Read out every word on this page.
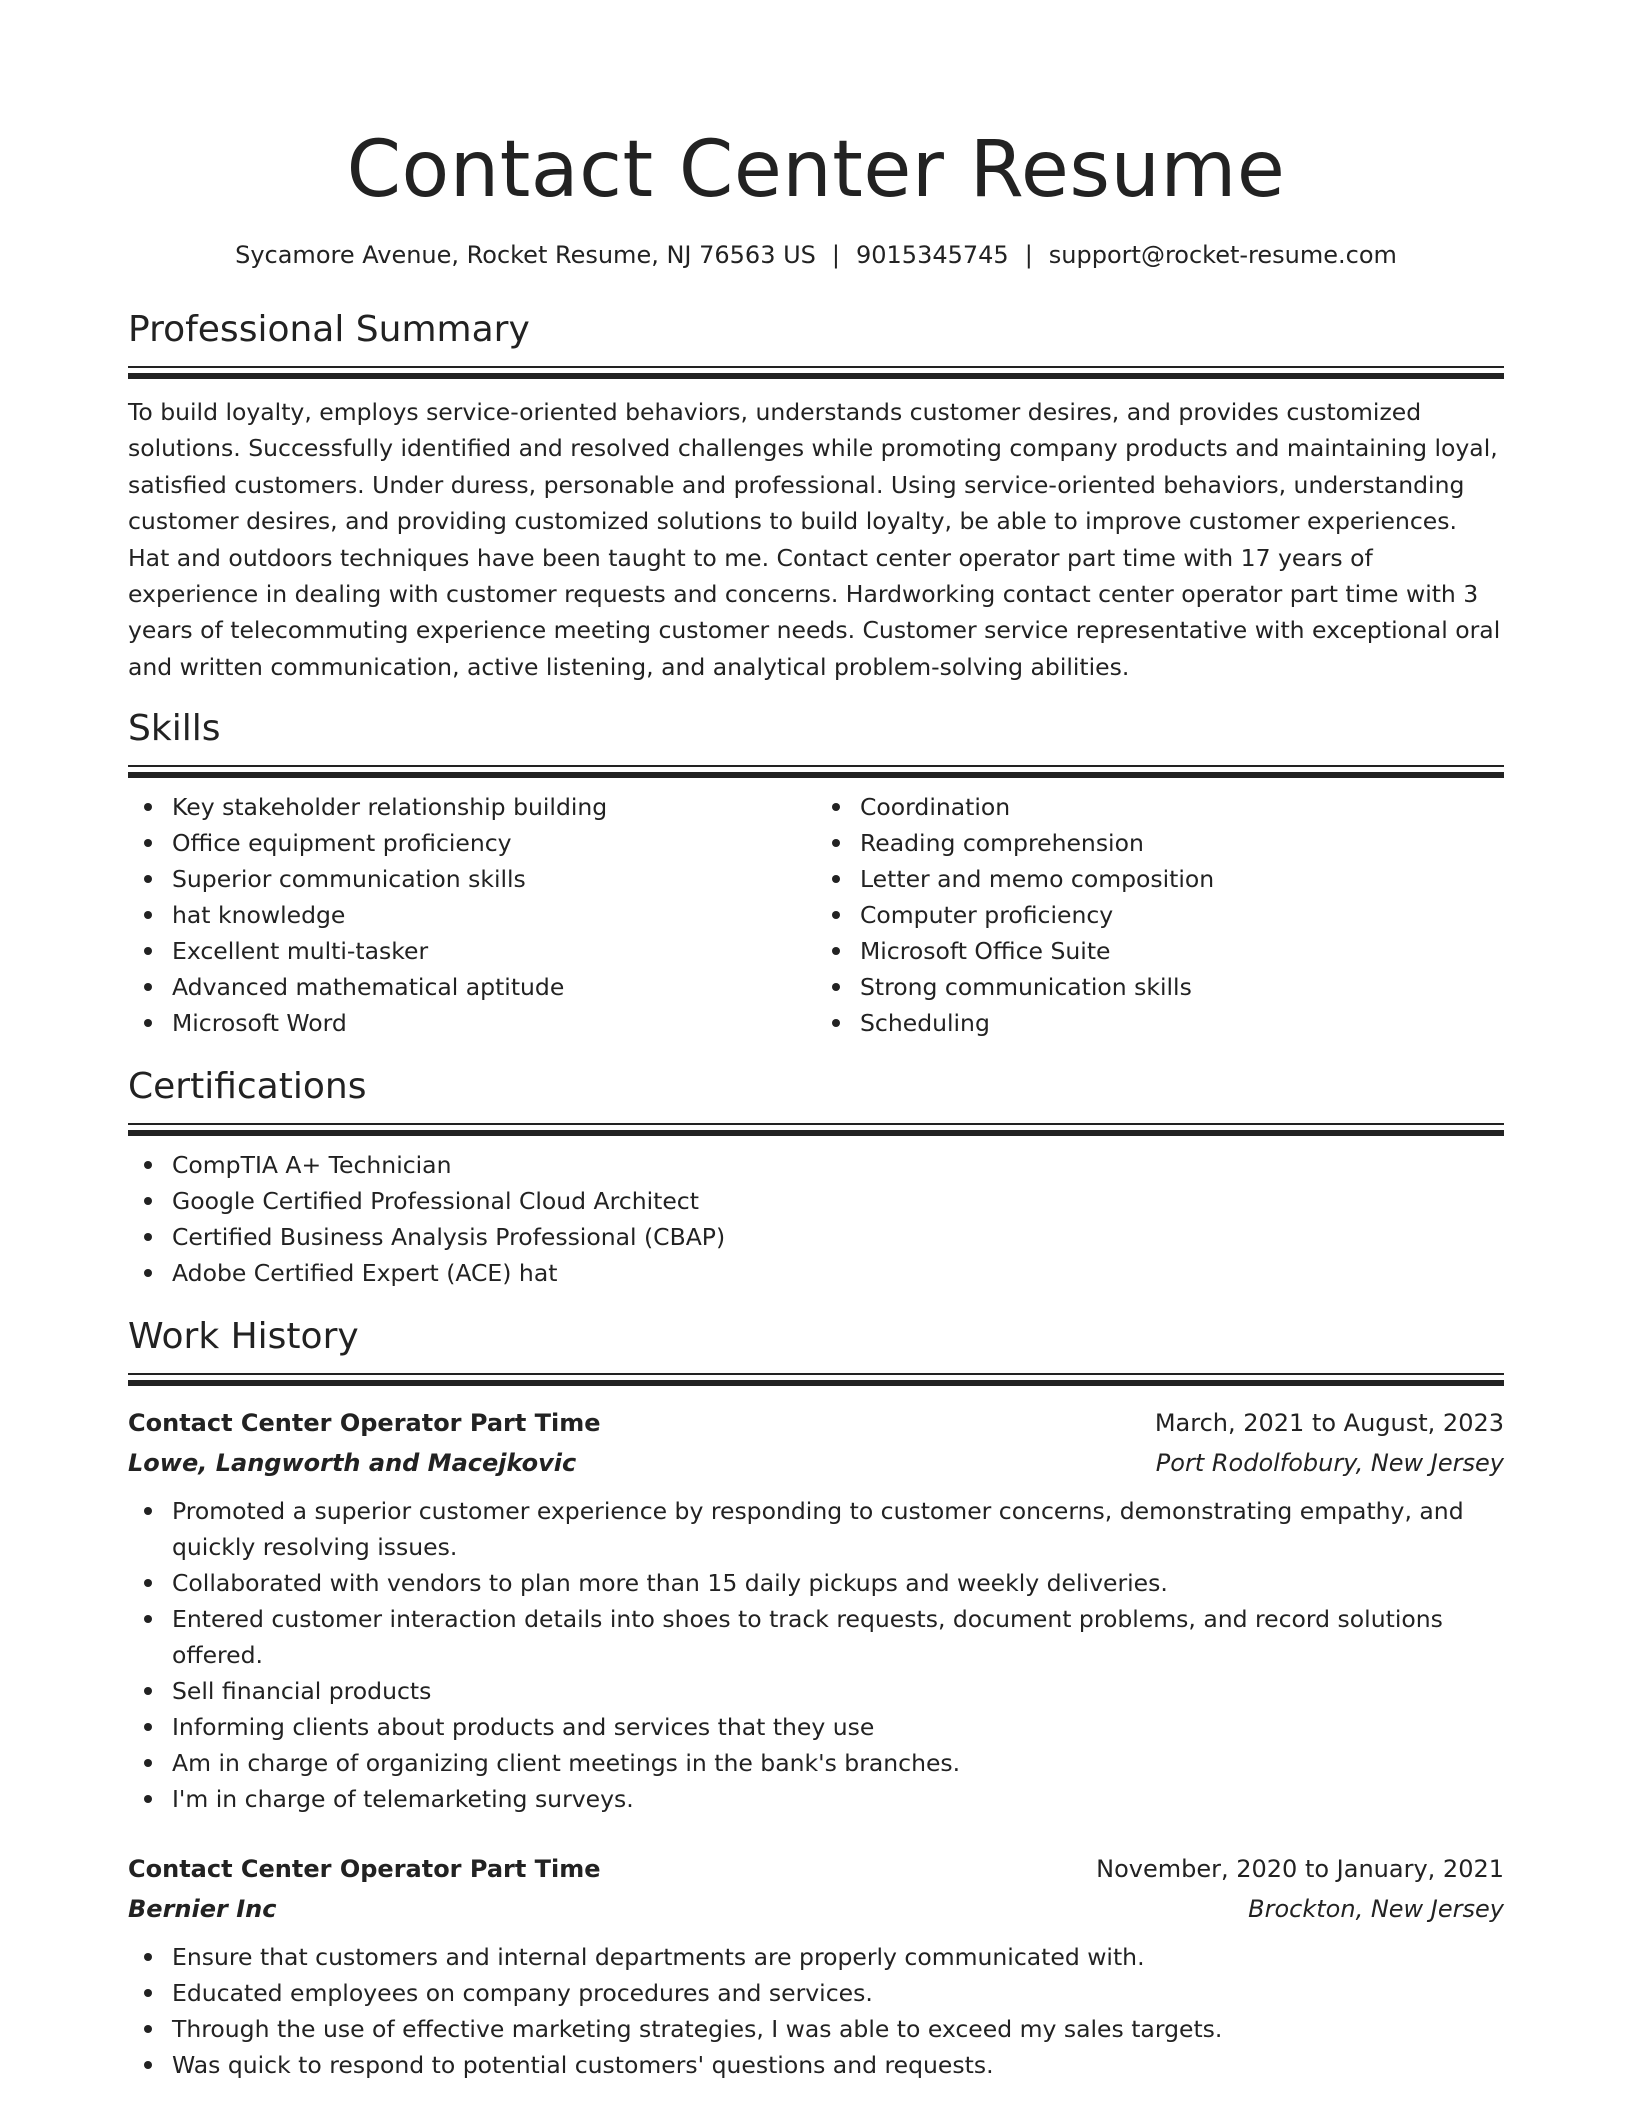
Contact Center Resume
Sycamore Avenue, Rocket Resume, NJ 76563 US | 9015345745 | support@rocket-resume.com
Professional Summary
To build loyalty, employs service-oriented behaviors, understands customer desires, and provides customized solutions. Successfully identified and resolved challenges while promoting company products and maintaining loyal, satisfied customers. Under duress, personable and professional. Using service-oriented behaviors, understanding customer desires, and providing customized solutions to build loyalty, be able to improve customer experiences. Hat and outdoors techniques have been taught to me. Contact center operator part time with 17 years of experience in dealing with customer requests and concerns. Hardworking contact center operator part time with 3 years of telecommuting experience meeting customer needs. Customer service representative with exceptional oral and written communication, active listening, and analytical problem-solving abilities.
Skills
Key stakeholder relationship building
Office equipment proficiency
Superior communication skills
hat knowledge
Excellent multi-tasker
Advanced mathematical aptitude
Microsoft Word
Coordination
Reading comprehension
Letter and memo composition
Computer proficiency
Microsoft Office Suite
Strong communication skills
Scheduling
Certifications
CompTIA A+ Technician
Google Certified Professional Cloud Architect
Certified Business Analysis Professional (CBAP)
Adobe Certified Expert (ACE) hat
Work History
Contact Center Operator Part Time	March, 2021 to August, 2023
Lowe, Langworth and Macejkovic	Port Rodolfobury, New Jersey
Promoted a superior customer experience by responding to customer concerns, demonstrating empathy, and quickly resolving issues.
Collaborated with vendors to plan more than 15 daily pickups and weekly deliveries.
Entered customer interaction details into shoes to track requests, document problems, and record solutions offered.
Sell financial products
Informing clients about products and services that they use
Am in charge of organizing client meetings in the bank's branches.
I'm in charge of telemarketing surveys.
Contact Center Operator Part Time	November, 2020 to January, 2021
Bernier Inc	Brockton, New Jersey
Ensure that customers and internal departments are properly communicated with.
Educated employees on company procedures and services.
Through the use of effective marketing strategies, I was able to exceed my sales targets.
Was quick to respond to potential customers' questions and requests.
